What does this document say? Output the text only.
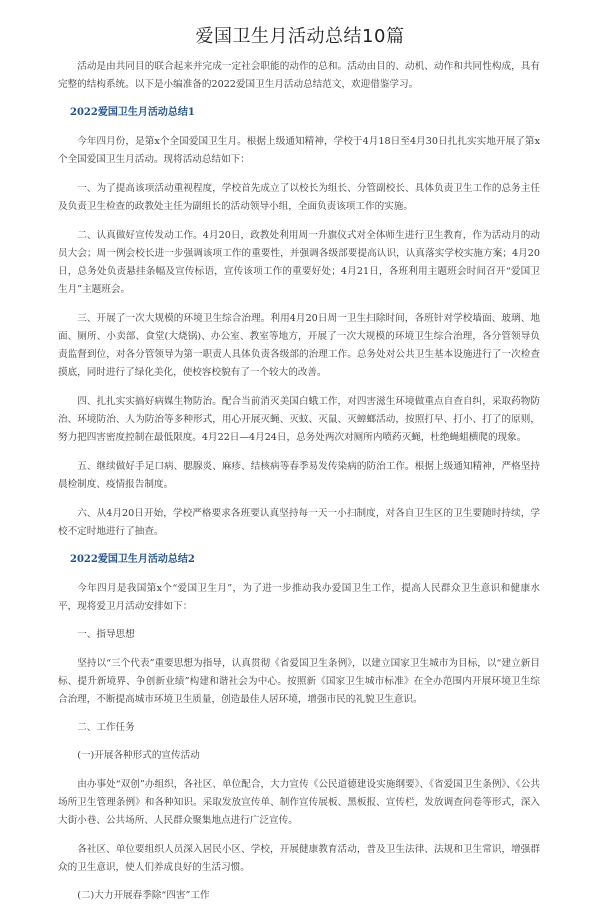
爱国卫生月活动总结10篇

活动是由共同目的联合起来并完成一定社会职能的动作的总和。活动由目的、动机、动作和共同性构成，具有完整的结构系统。以下是小编准备的2022爱国卫生月活动总结范文，欢迎借鉴学习。

2022爱国卫生月活动总结1

今年四月份，是第x个全国爱国卫生月。根据上级通知精神，学校于4月18日至4月30日扎扎实实地开展了第x个全国爱国卫生月活动。现将活动总结如下：

一、为了提高该项活动重视程度，学校首先成立了以校长为组长、分管副校长、具体负责卫生工作的总务主任及负责卫生检查的政教处主任为副组长的活动领导小组，全面负责该项工作的实施。

二、认真做好宣传发动工作。4月20日，政教处利用周一升旗仪式对全体师生进行卫生教育，作为活动月的动员大会；周一例会校长进一步强调该项工作的重要性，并强调各级部要提高认识，认真落实学校实施方案；4月20日，总务处负责悬挂条幅及宣传标语，宣传该项工作的重要好处；4月21日，各班利用主题班会时间召开“爱国卫生月”主题班会。

三、开展了一次大规模的环境卫生综合治理。利用4月20日周一卫生扫除时间，各班针对学校墙面、玻璃、地面、厕所、小卖部、食堂(大烧锅)、办公室、教室等地方，开展了一次大规模的环境卫生综合治理，各分管领导负责监督到位，对各分管领导为第一职责人具体负责各级部的治理工作。总务处对公共卫生基本设施进行了一次检查摸底，同时进行了绿化美化，使校容校貌有了一个较大的改善。

四、扎扎实实搞好病媒生物防治。配合当前消灭美国白蛾工作，对四害滋生环境做重点自查自纠，采取药物防治、环境防治、人为防治等多种形式，用心开展灭蝇、灭蚊、灭鼠、灭蟑螂活动，按照打早、打小、打了的原则，努力把四害密度控制在最低限度。4月22日—4月24日，总务处两次对厕所内喷药灭蝇，杜绝蝇蛆横爬的现象。

五、继续做好手足口病、腮腺炎、麻疹、结核病等春季易发传染病的防治工作。根据上级通知精神，严格坚持晨检制度、疫情报告制度。

六、从4月20日开始，学校严格要求各班要认真坚持每一天一小扫制度，对各自卫生区的卫生要随时持续，学校不定时地进行了抽查。

2022爱国卫生月活动总结2

今年四月是我国第x个“爱国卫生月”，为了进一步推动我办爱国卫生工作，提高人民群众卫生意识和健康水平，现将爱卫月活动安排如下：

一、指导思想

坚持以“三个代表”重要思想为指导，认真贯彻《省爱国卫生条例》，以建立国家卫生城市为目标，以“建立新目标、提升新境界、争创新业绩”构建和谐社会为中心。按照新《国家卫生城市标准》在全办范围内开展环境卫生综合治理，不断提高城市环境卫生质量，创造最佳人居环境，增强市民的礼貌卫生意识。

二、工作任务
(一)开展各种形式的宣传活动

由办事处“双创”办组织，各社区、单位配合，大力宣传《公民道德建设实施纲要》、《省爱国卫生条例》、《公共场所卫生管理条例》和各种知识。采取发放宣传单、制作宣传展板、黑板报、宣传栏，发放调查问卷等形式，深入大街小巷、公共场所、人民群众聚集地点进行广泛宣传。

各社区、单位要组织人员深入居民小区、学校，开展健康教育活动，普及卫生法律、法规和卫生常识，增强群众的卫生意识，使人们养成良好的生活习惯。

(二)大力开展春季除“四害”工作
